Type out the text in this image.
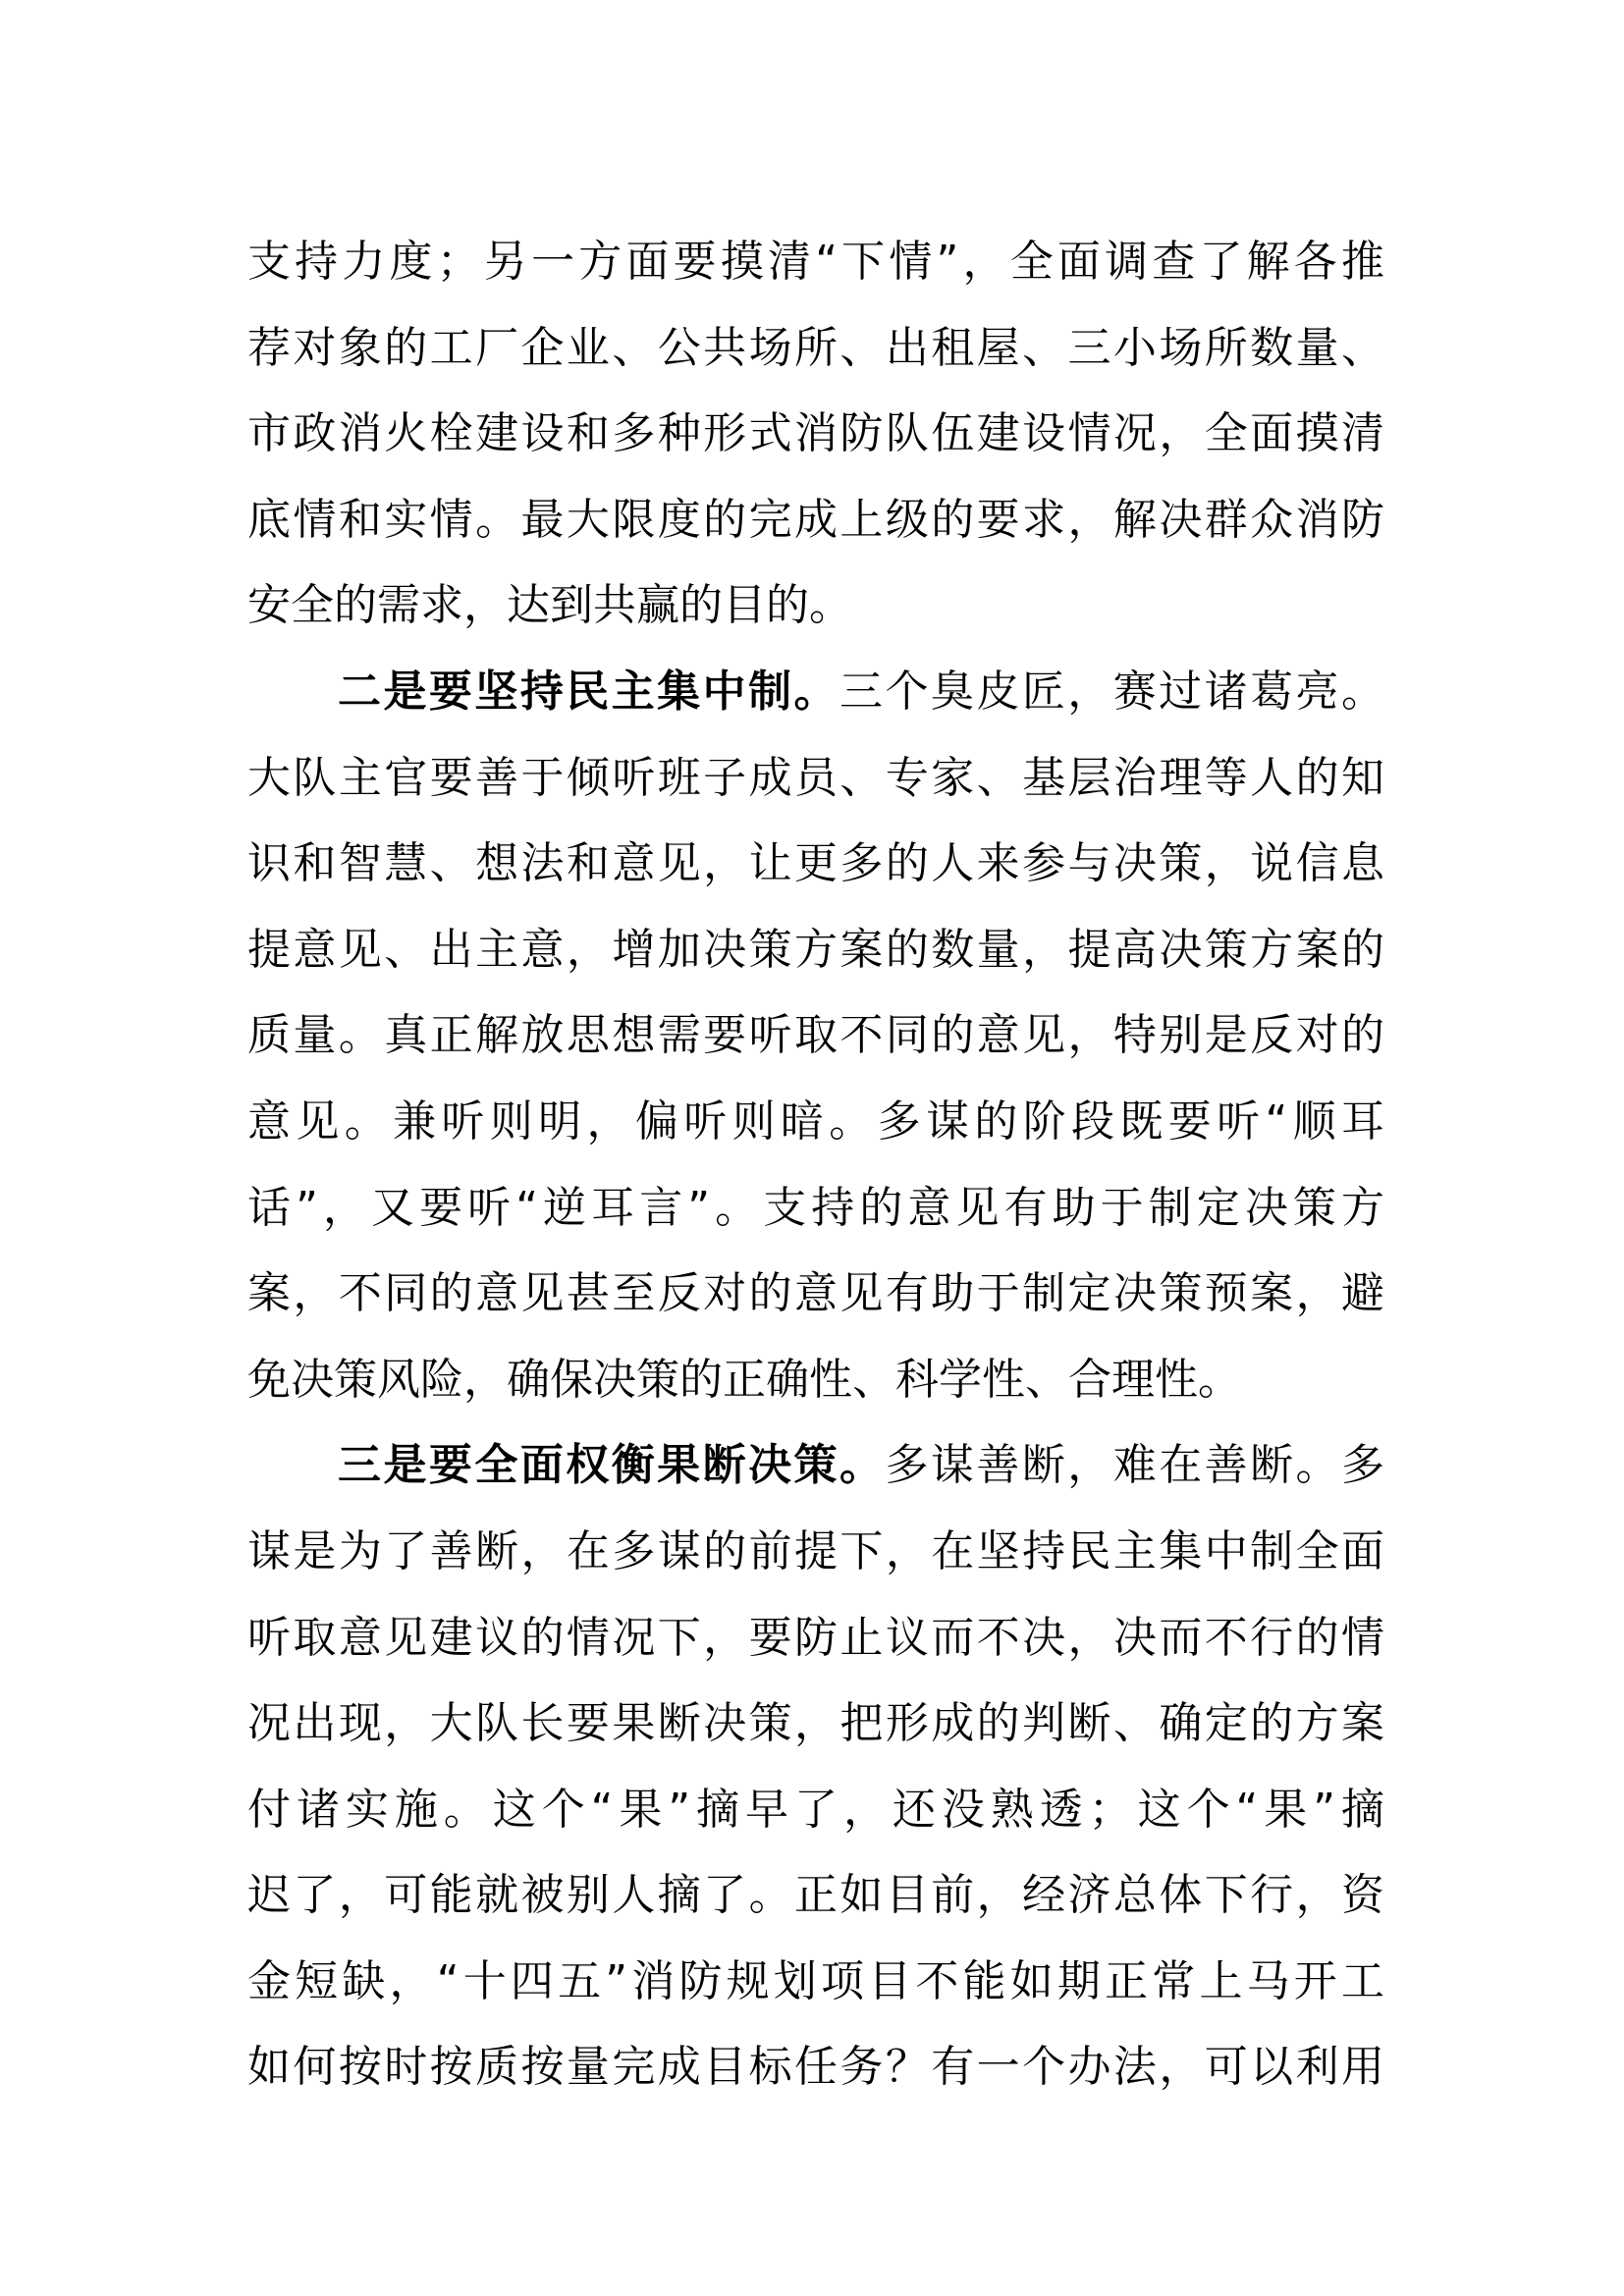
支持力度；另一方面要摸清“下情”，全面调查了解各推
荐对象的工厂企业、公共场所、出租屋、三小场所数量、
市政消火栓建设和多种形式消防队伍建设情况，全面摸清
底情和实情。最大限度的完成上级的要求，解决群众消防
安全的需求，达到共赢的目的。
二是要坚持民主集中制。三个臭皮匠，赛过诸葛亮。
大队主官要善于倾听班子成员、专家、基层治理等人的知
识和智慧、想法和意见，让更多的人来参与决策，说信息
提意见、出主意，增加决策方案的数量，提高决策方案的
质量。真正解放思想需要听取不同的意见，特别是反对的
意见。兼听则明，偏听则暗。多谋的阶段既要听“顺耳
话”，又要听“逆耳言”。支持的意见有助于制定决策方
案，不同的意见甚至反对的意见有助于制定决策预案，避
免决策风险，确保决策的正确性、科学性、合理性。
三是要全面权衡果断决策。多谋善断，难在善断。多
谋是为了善断，在多谋的前提下，在坚持民主集中制全面
听取意见建议的情况下，要防止议而不决，决而不行的情
况出现，大队长要果断决策，把形成的判断、确定的方案
付诸实施。这个“果”摘早了，还没熟透；这个“果”摘
迟了，可能就被别人摘了。正如目前，经济总体下行，资
金短缺，“十四五”消防规划项目不能如期正常上马开工
如何按时按质按量完成目标任务？有一个办法，可以利用
